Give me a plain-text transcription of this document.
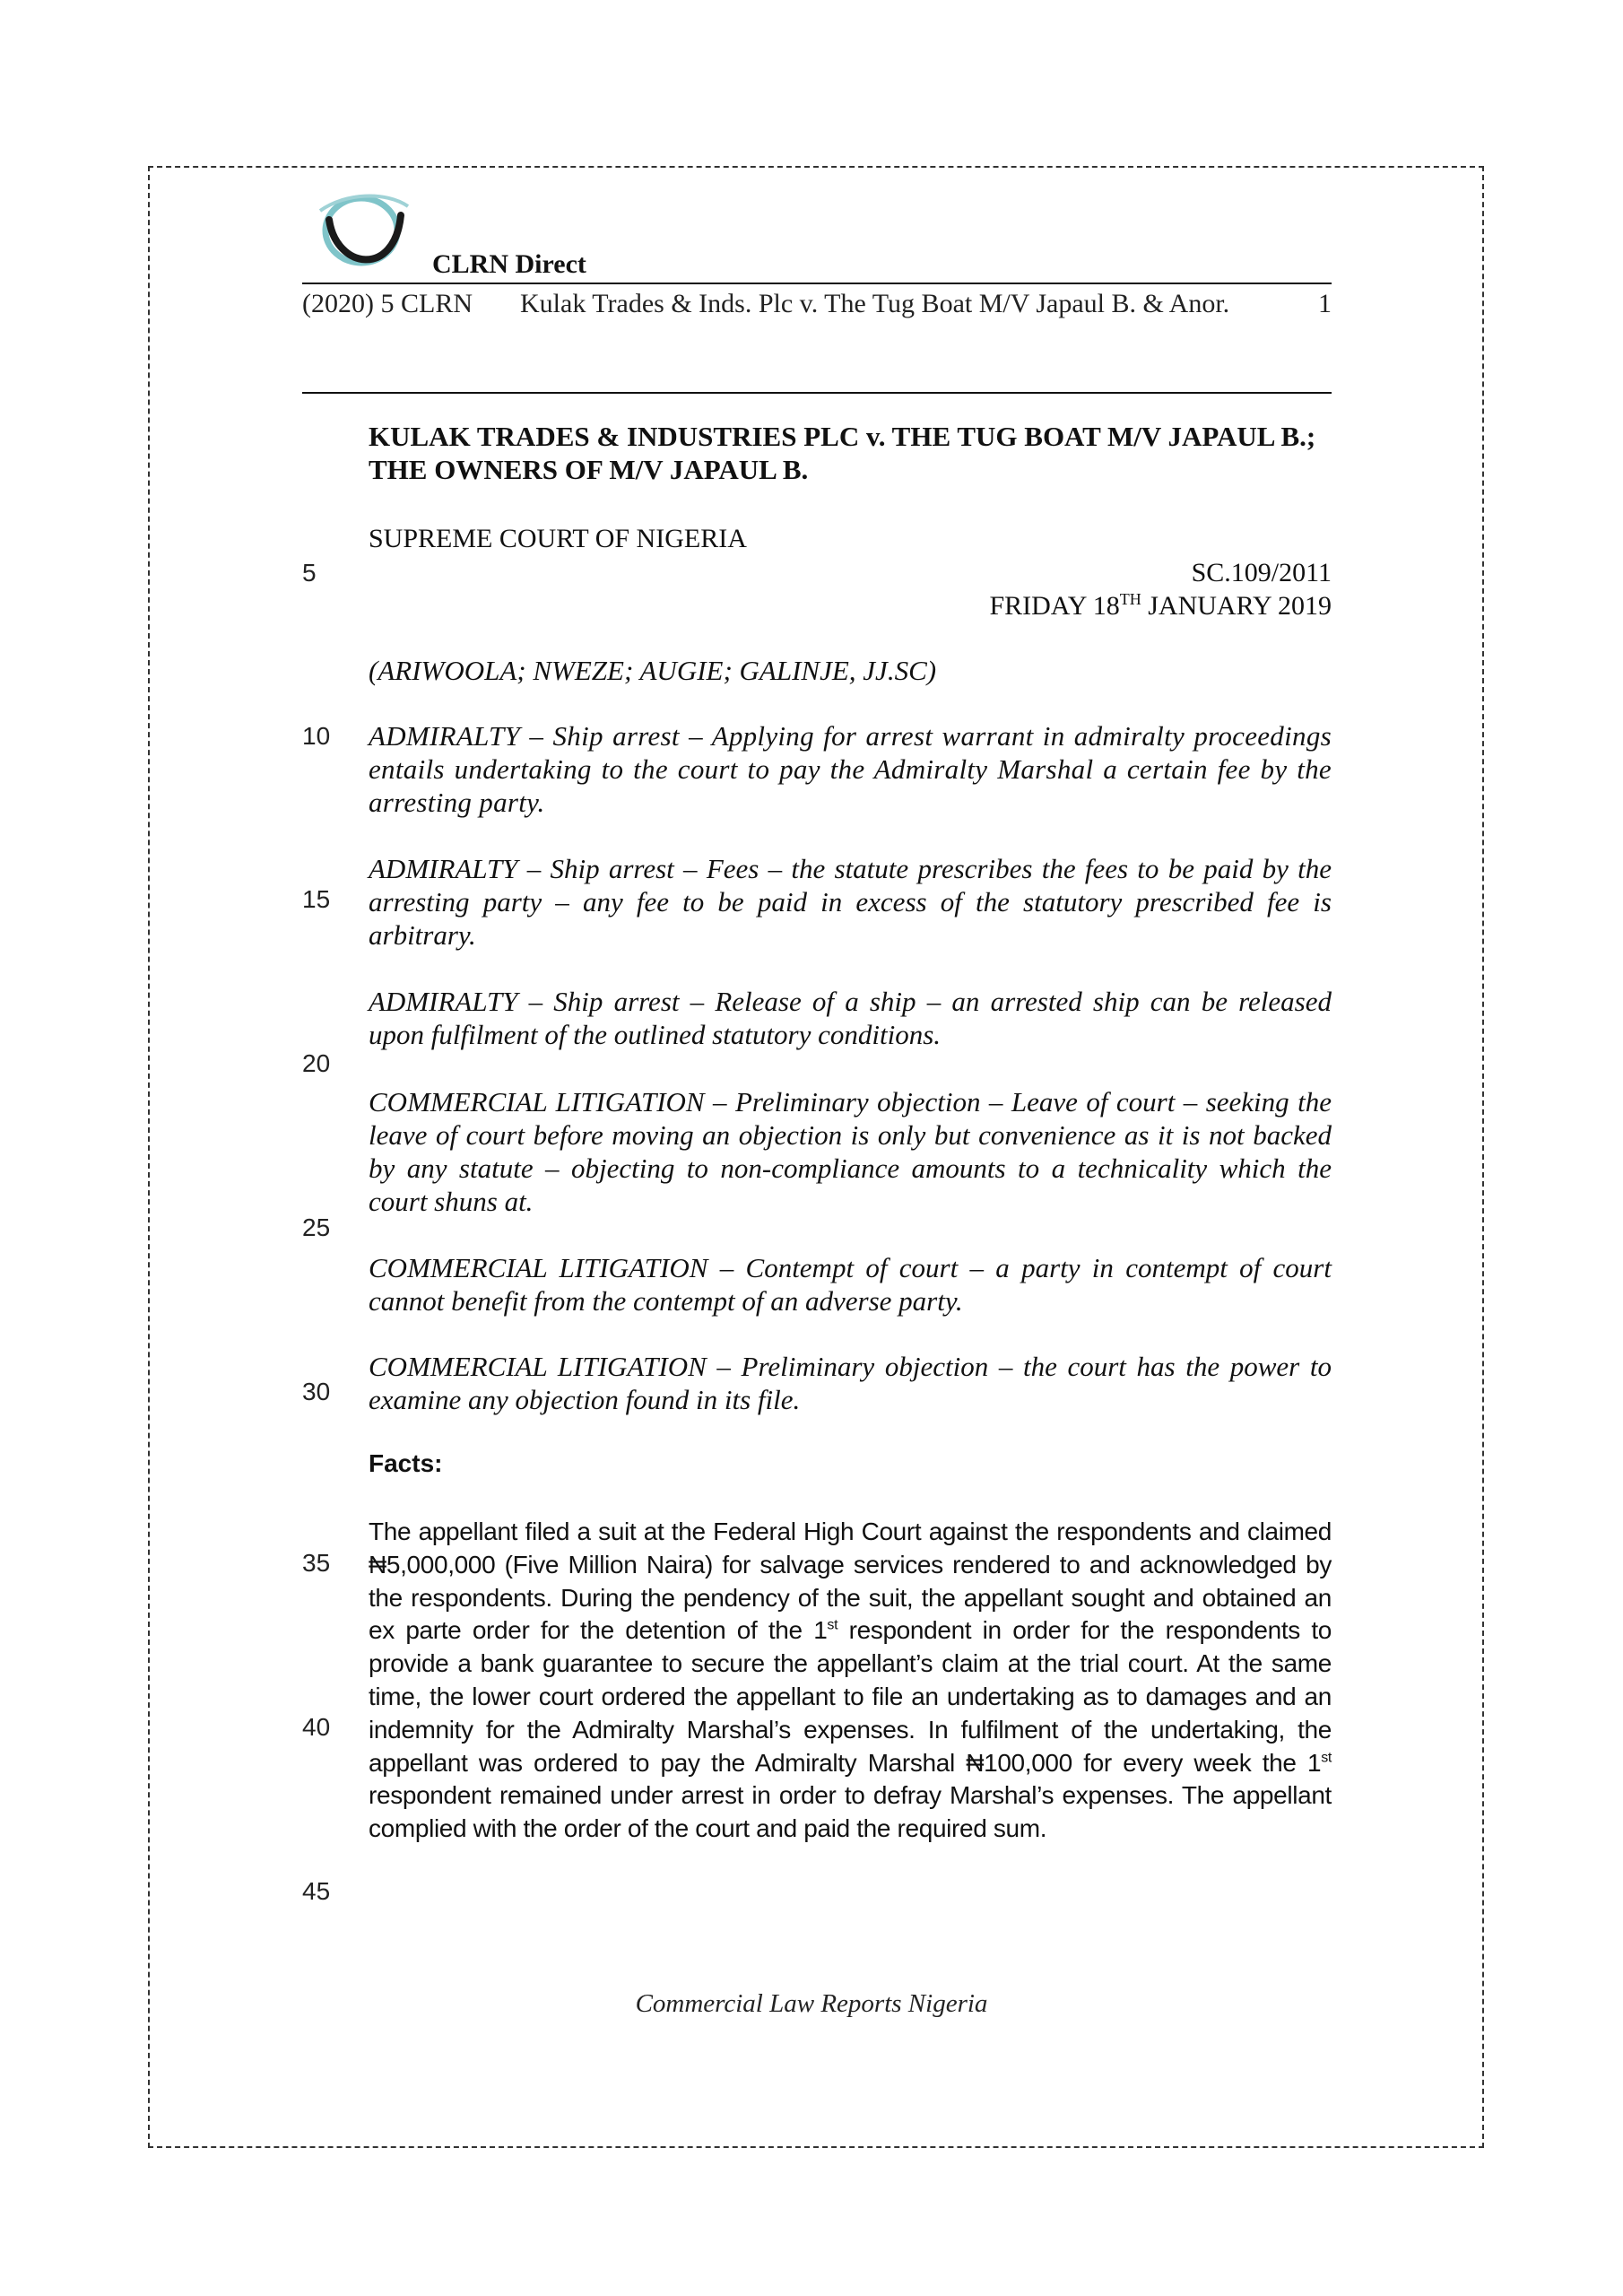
CLRN Direct
(2020) 5 CLRN Kulak Trades & Inds. Plc v. The Tug Boat M/V Japaul B. & Anor.	1
KULAK TRADES & INDUSTRIES PLC v. THE TUG BOAT M/V JAPAUL B.; THE OWNERS OF M/V JAPAUL B.
SUPREME COURT OF NIGERIA
SC.109/2011
FRIDAY 18TH JANUARY 2019
(ARIWOOLA; NWEZE; AUGIE; GALINJE, JJ.SC)
ADMIRALTY – Ship arrest – Applying for arrest warrant in admiralty proceedings entails undertaking to the court to pay the Admiralty Marshal a certain fee by the arresting party.
ADMIRALTY – Ship arrest – Fees – the statute prescribes the fees to be paid by the arresting party – any fee to be paid in excess of the statutory prescribed fee is arbitrary.
ADMIRALTY – Ship arrest – Release of a ship – an arrested ship can be released upon fulfilment of the outlined statutory conditions.
COMMERCIAL LITIGATION – Preliminary objection – Leave of court – seeking the leave of court before moving an objection is only but convenience as it is not backed by any statute – objecting to non-compliance amounts to a technicality which the court shuns at.
COMMERCIAL LITIGATION – Contempt of court – a party in contempt of court cannot benefit from the contempt of an adverse party.
COMMERCIAL LITIGATION – Preliminary objection – the court has the power to examine any objection found in its file.
Facts:
The appellant filed a suit at the Federal High Court against the respondents and claimed ₦5,000,000 (Five Million Naira) for salvage services rendered to and acknowledged by the respondents. During the pendency of the suit, the appellant sought and obtained an ex parte order for the detention of the 1st respondent in order for the respondents to provide a bank guarantee to secure the appellant’s claim at the trial court. At the same time, the lower court ordered the appellant to file an undertaking as to damages and an indemnity for the Admiralty Marshal’s expenses. In fulfilment of the undertaking, the appellant was ordered to pay the Admiralty Marshal ₦100,000 for every week the 1st respondent remained under arrest in order to defray Marshal’s expenses. The appellant complied with the order of the court and paid the required sum.
5
10
15
20
25
30
35
40
45
Commercial Law Reports Nigeria
